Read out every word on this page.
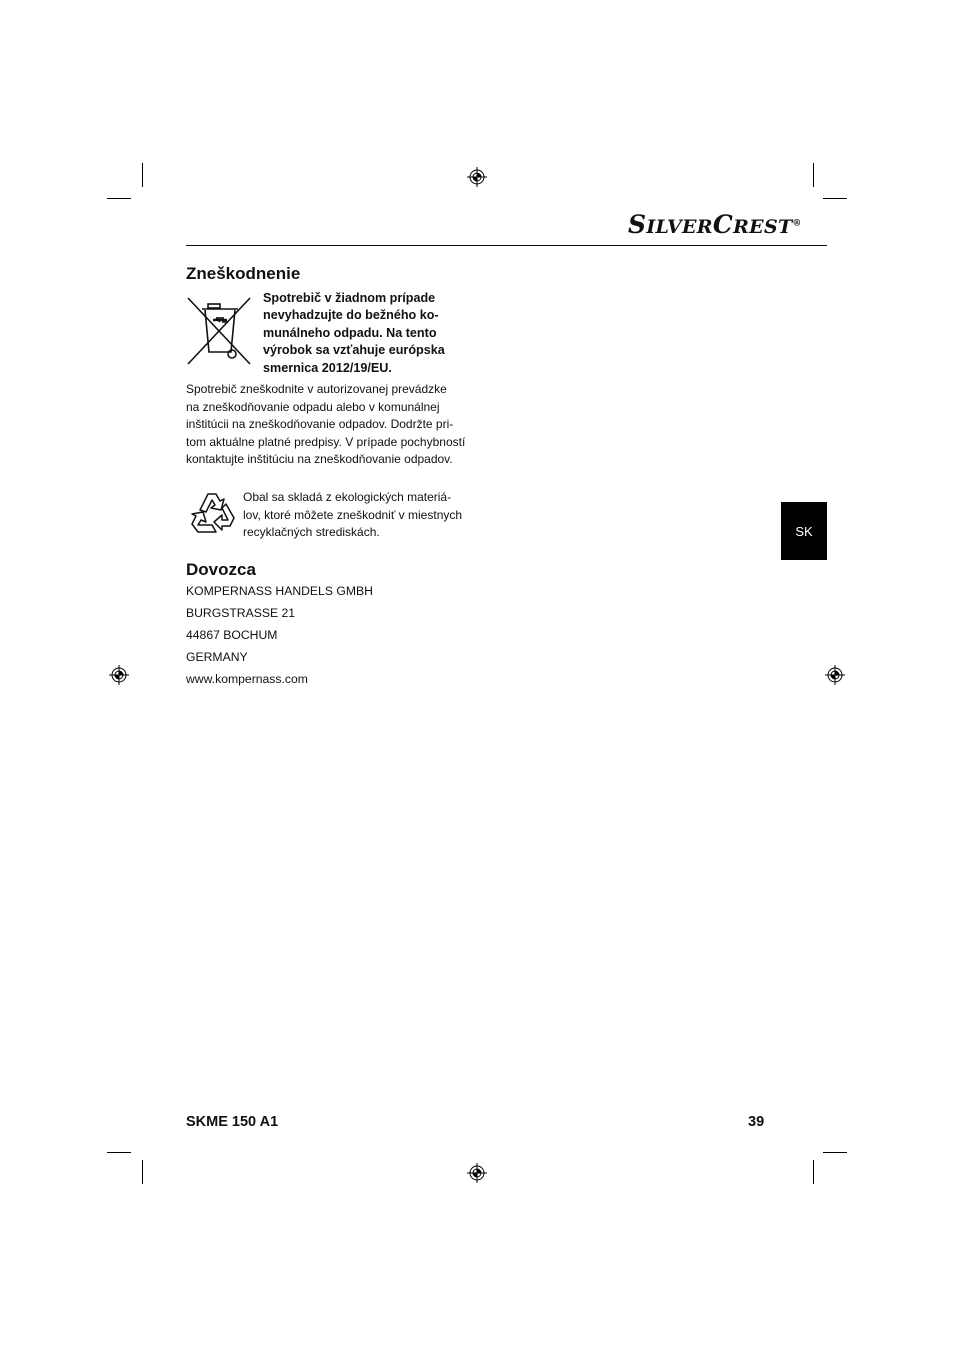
SILVERCREST®
Zneškodnenie
Spotrebič v žiadnom prípade
nevyhadzujte do bežného ko-
munálneho odpadu. Na tento
výrobok sa vzťahuje európska
smernica 2012/19/EU.
Spotrebič zneškodnite v autorizovanej prevádzke
na zneškodňovanie odpadu alebo v komunálnej
inštitúcii na zneškodňovanie odpadov. Dodržte pri-
tom aktuálne platné predpisy. V prípade pochybností
kontaktujte inštitúciu na zneškodňovanie odpadov.
Obal sa skladá z ekologických materiá-
lov, ktoré môžete zneškodniť v miestnych
recyklačných strediskách.
Dovozca
KOMPERNASS HANDELS GMBH
BURGSTRASSE 21
44867 BOCHUM
GERMANY
www.kompernass.com
SK
SKME 150 A1	39
